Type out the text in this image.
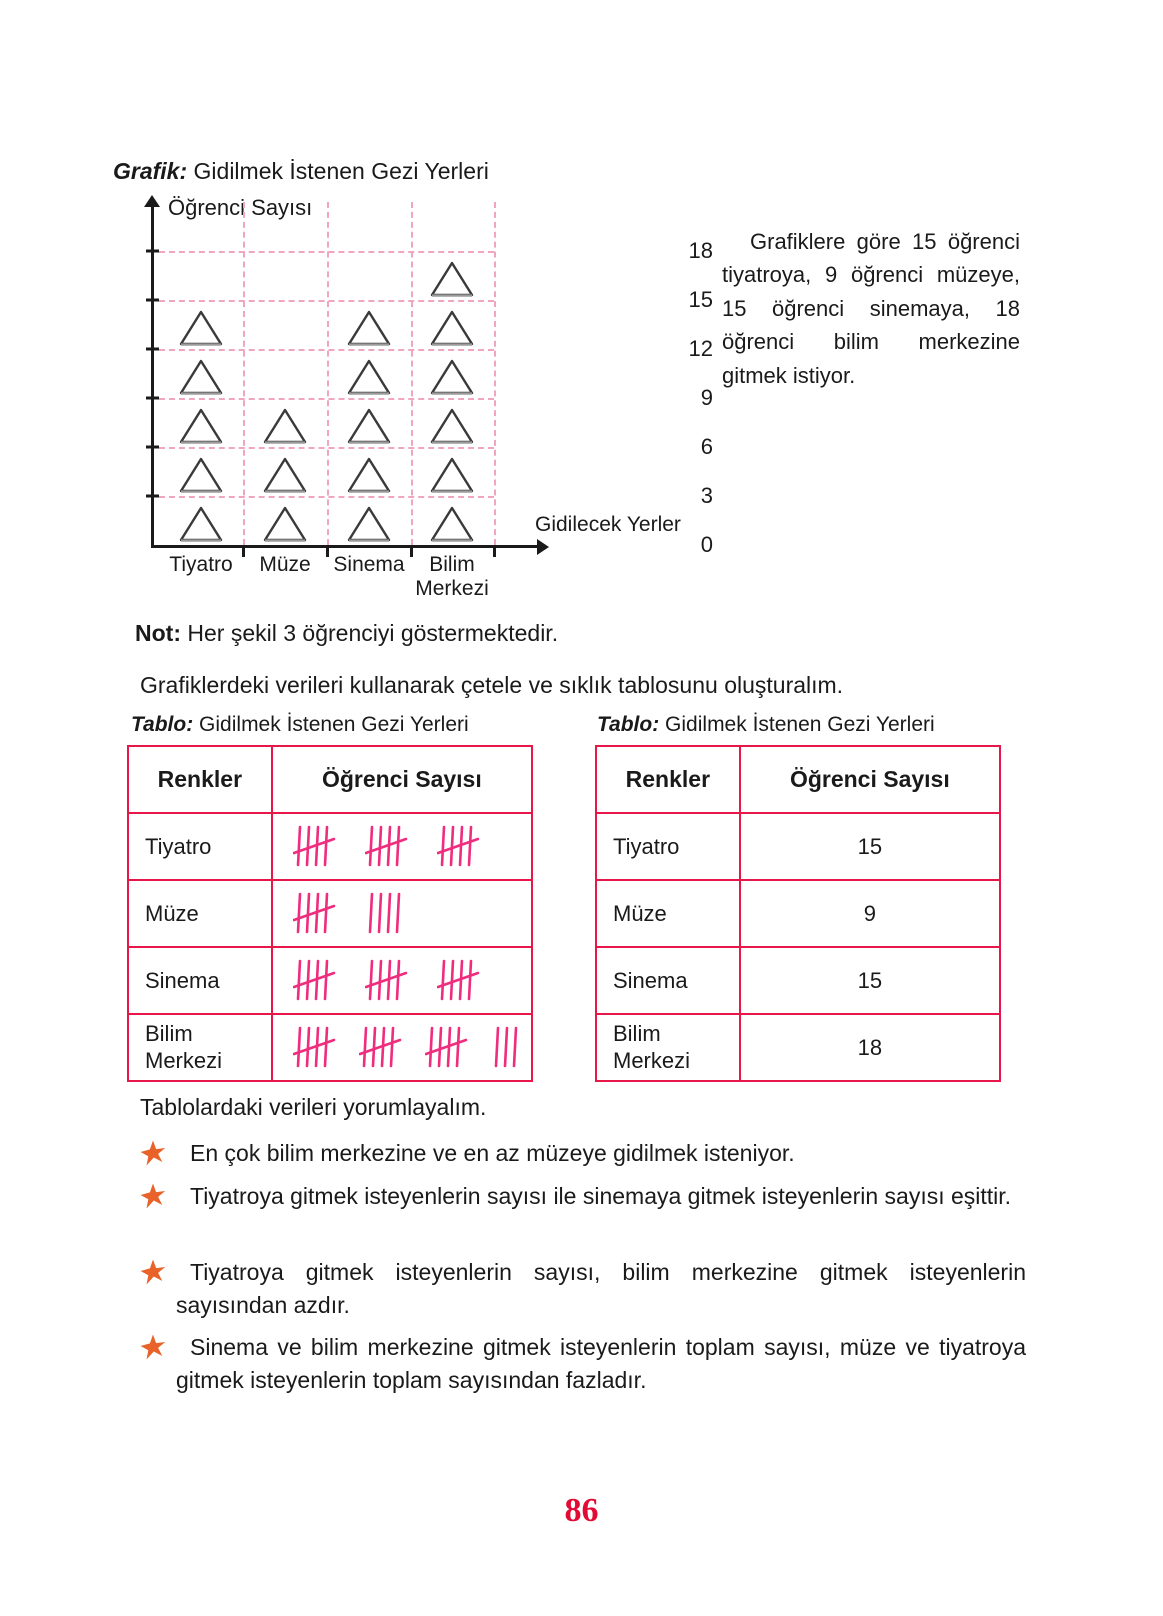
Grafik: Gidilmek İstenen Gezi Yerleri
Öğrenci Sayısı
Gidilecek Yerler
0
3
6
9
12
15
18
Tiyatro Müze Sinema	Bilim
Merkezi
Grafiklere göre 15 öğrenci tiyatroya, 9 öğrenci müzeye, 15 öğrenci sinemaya, 18 öğrenci bilim merkezine gitmek istiyor.
Not: Her şekil 3 öğrenciyi göstermektedir.
Grafiklerdeki verileri kullanarak çetele ve sıklık tablosunu oluşturalım.
Tablo: Gidilmek İstenen Gezi Yerleri	Tablo: Gidilmek İstenen Gezi Yerleri
Renkler	Öğrenci Sayısı
Tiyatro	

Müze	

Sinema	

Bilim
Merkezi	
Renkler	Öğrenci Sayısı
Tiyatro	15
Müze	9
Sinema	15
Bilim
Merkezi	18
Tablolardaki verileri yorumlayalım.
En çok bilim merkezine ve en az müzeye gidilmek isteniyor.
Tiyatroya gitmek isteyenlerin sayısı ile sinemaya gitmek isteyenlerin sayısı eşittir.
Tiyatroya gitmek isteyenlerin sayısı, bilim merkezine gitmek isteyenlerin sayısından azdır.
Sinema ve bilim merkezine gitmek isteyenlerin toplam sayısı, müze ve tiyatroya gitmek isteyenlerin toplam sayısından fazladır.
86
